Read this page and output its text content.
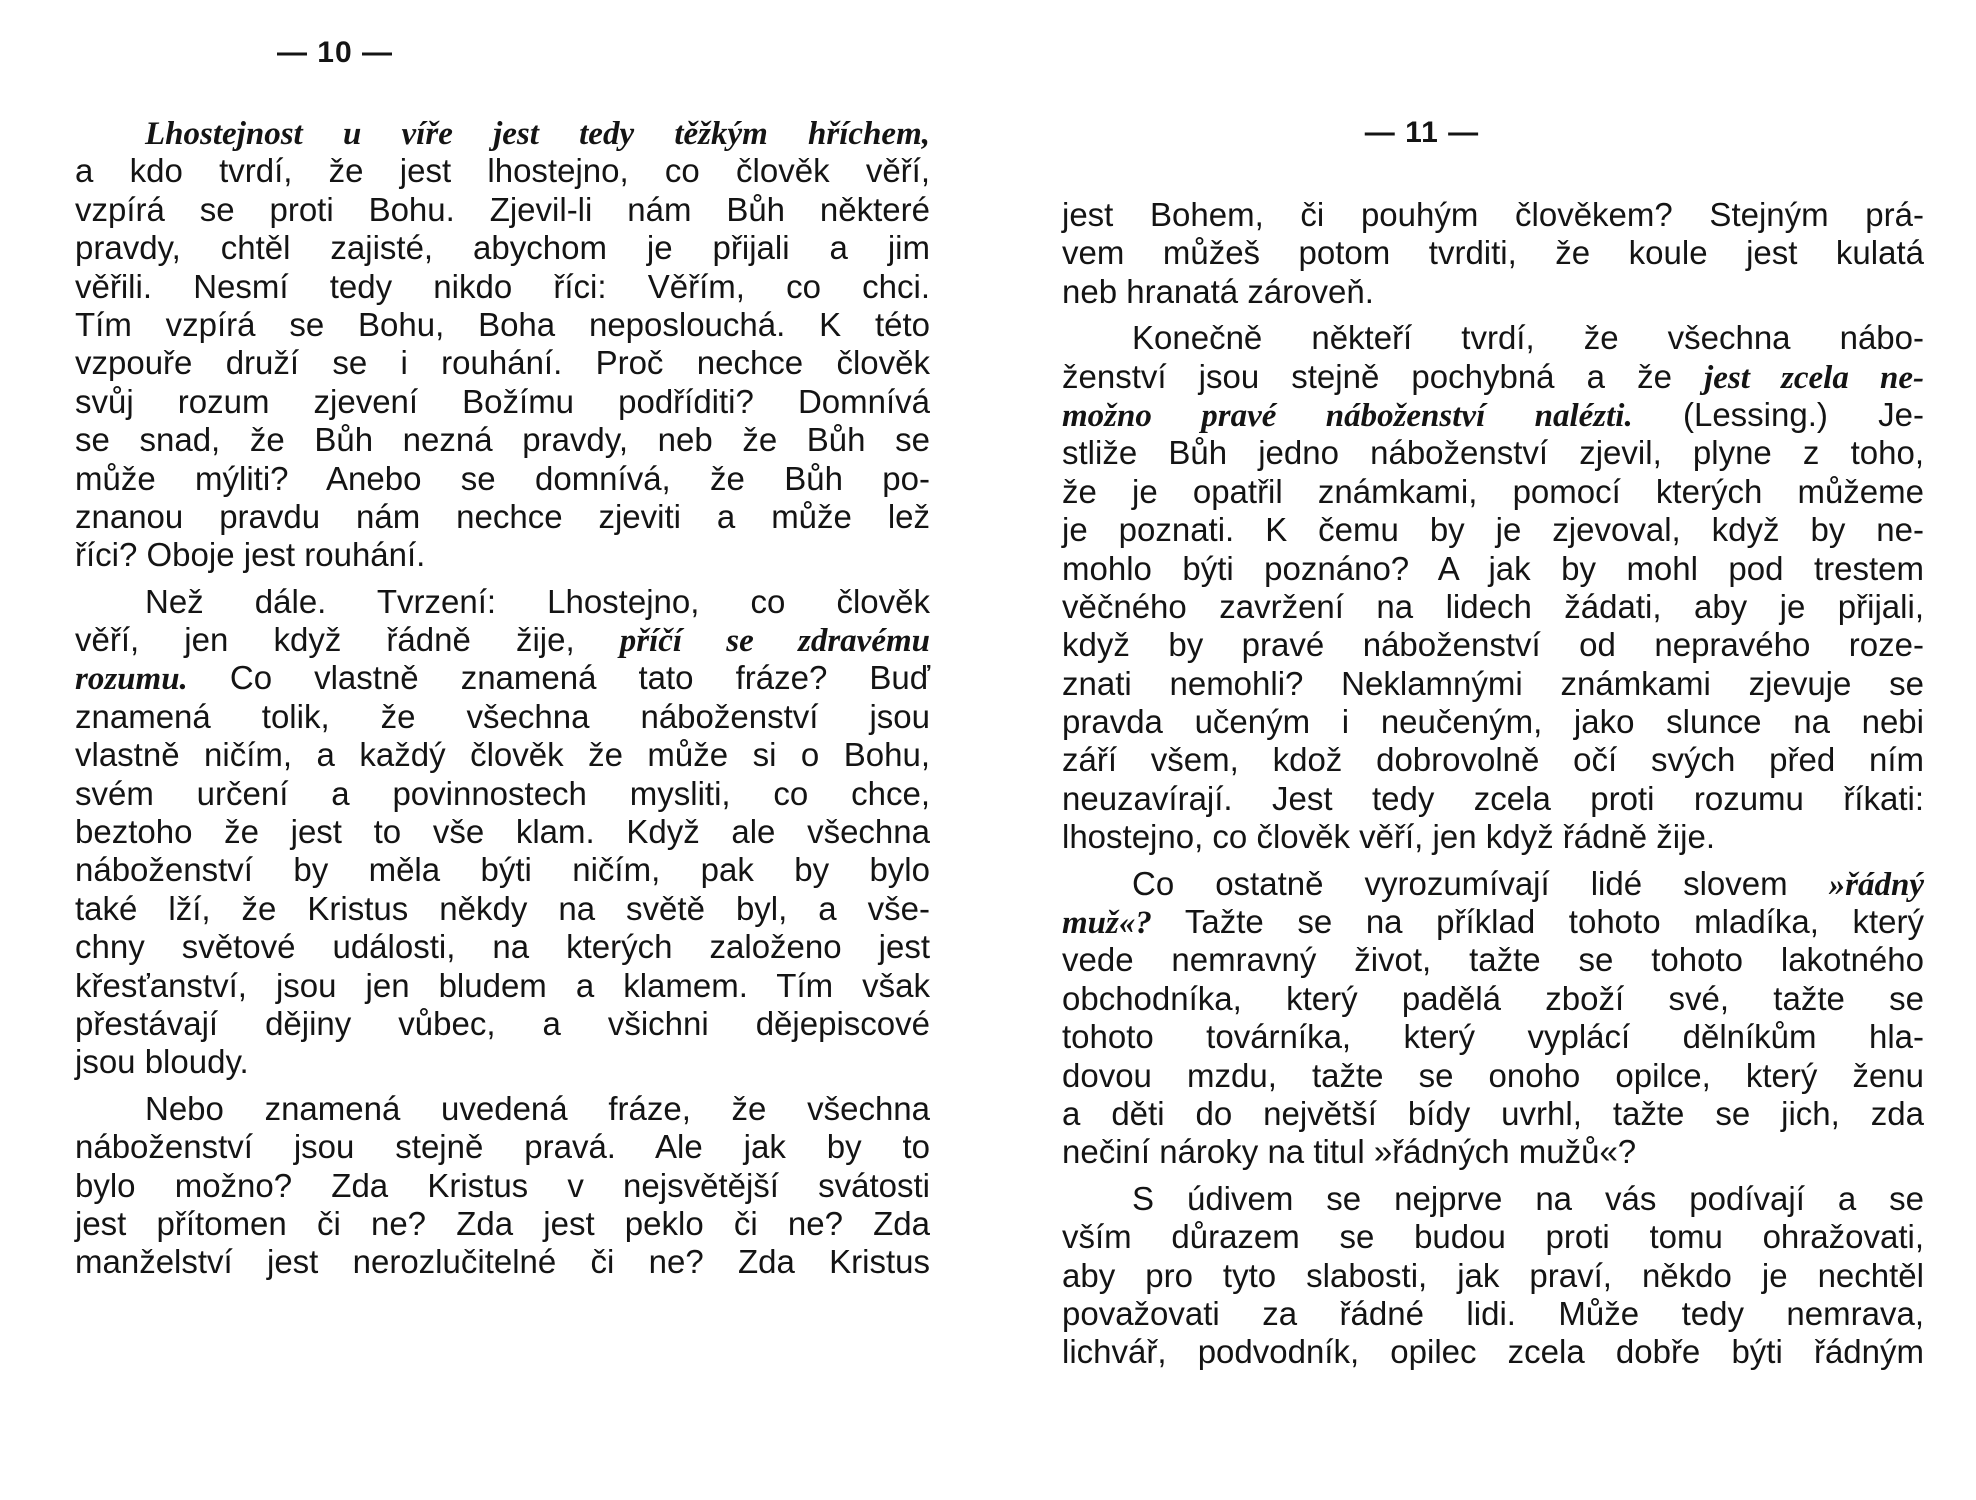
— 10 —
Lhostejnost u víře jest tedy těžkým hříchem,
a kdo tvrdí, že jest lhostejno, co člověk věří,
vzpírá se proti Bohu. Zjevil-li nám Bůh některé
pravdy, chtěl zajisté, abychom je přijali a jim
věřili. Nesmí tedy nikdo říci: Věřím, co chci.
Tím vzpírá se Bohu, Boha neposlouchá. K této
vzpouře druží se i rouhání. Proč nechce člověk
svůj rozum zjevení Božímu podříditi? Domnívá
se snad, že Bůh nezná pravdy, neb že Bůh se
může mýliti? Anebo se domnívá, že Bůh po-
znanou pravdu nám nechce zjeviti a může lež
říci? Oboje jest rouhání.
Než dále. Tvrzení: Lhostejno, co člověk
věří, jen když řádně žije, příčí se zdravému
rozumu. Co vlastně znamená tato fráze? Buď
znamená tolik, že všechna náboženství jsou
vlastně ničím, a každý člověk že může si o Bohu,
svém určení a povinnostech mysliti, co chce,
beztoho že jest to vše klam. Když ale všechna
náboženství by měla býti ničím, pak by bylo
také lží, že Kristus někdy na světě byl, a vše-
chny světové události, na kterých založeno jest
křesťanství, jsou jen bludem a klamem. Tím však
přestávají dějiny vůbec, a všichni dějepiscové
jsou bloudy.
Nebo znamená uvedená fráze, že všechna
náboženství jsou stejně pravá. Ale jak by to
bylo možno? Zda Kristus v nejsvětější svátosti
jest přítomen či ne? Zda jest peklo či ne? Zda
manželství jest nerozlučitelné či ne? Zda Kristus
— 11 —
jest Bohem, či pouhým člověkem? Stejným prá-
vem můžeš potom tvrditi, že koule jest kulatá
neb hranatá zároveň.
Konečně někteří tvrdí, že všechna nábo-
ženství jsou stejně pochybná a že jest zcela ne-
možno pravé náboženství nalézti. (Lessing.) Je-
stliže Bůh jedno náboženství zjevil, plyne z toho,
že je opatřil známkami, pomocí kterých můžeme
je poznati. K čemu by je zjevoval, když by ne-
mohlo býti poznáno? A jak by mohl pod trestem
věčného zavržení na lidech žádati, aby je přijali,
když by pravé náboženství od nepravého roze-
znati nemohli? Neklamnými známkami zjevuje se
pravda učeným i neučeným, jako slunce na nebi
září všem, kdož dobrovolně očí svých před ním
neuzavírají. Jest tedy zcela proti rozumu říkati:
lhostejno, co člověk věří, jen když řádně žije.
Co ostatně vyrozumívají lidé slovem »řádný
muž«? Tažte se na příklad tohoto mladíka, který
vede nemravný život, tažte se tohoto lakotného
obchodníka, který padělá zboží své, tažte se
tohoto továrníka, který vyplácí dělníkům hla-
dovou mzdu, tažte se onoho opilce, který ženu
a děti do největší bídy uvrhl, tažte se jich, zda
nečiní nároky na titul »řádných mužů«?
S údivem se nejprve na vás podívají a se
vším důrazem se budou proti tomu ohražovati,
aby pro tyto slabosti, jak praví, někdo je nechtěl
považovati za řádné lidi. Může tedy nemrava,
lichvář, podvodník, opilec zcela dobře býti řádným
